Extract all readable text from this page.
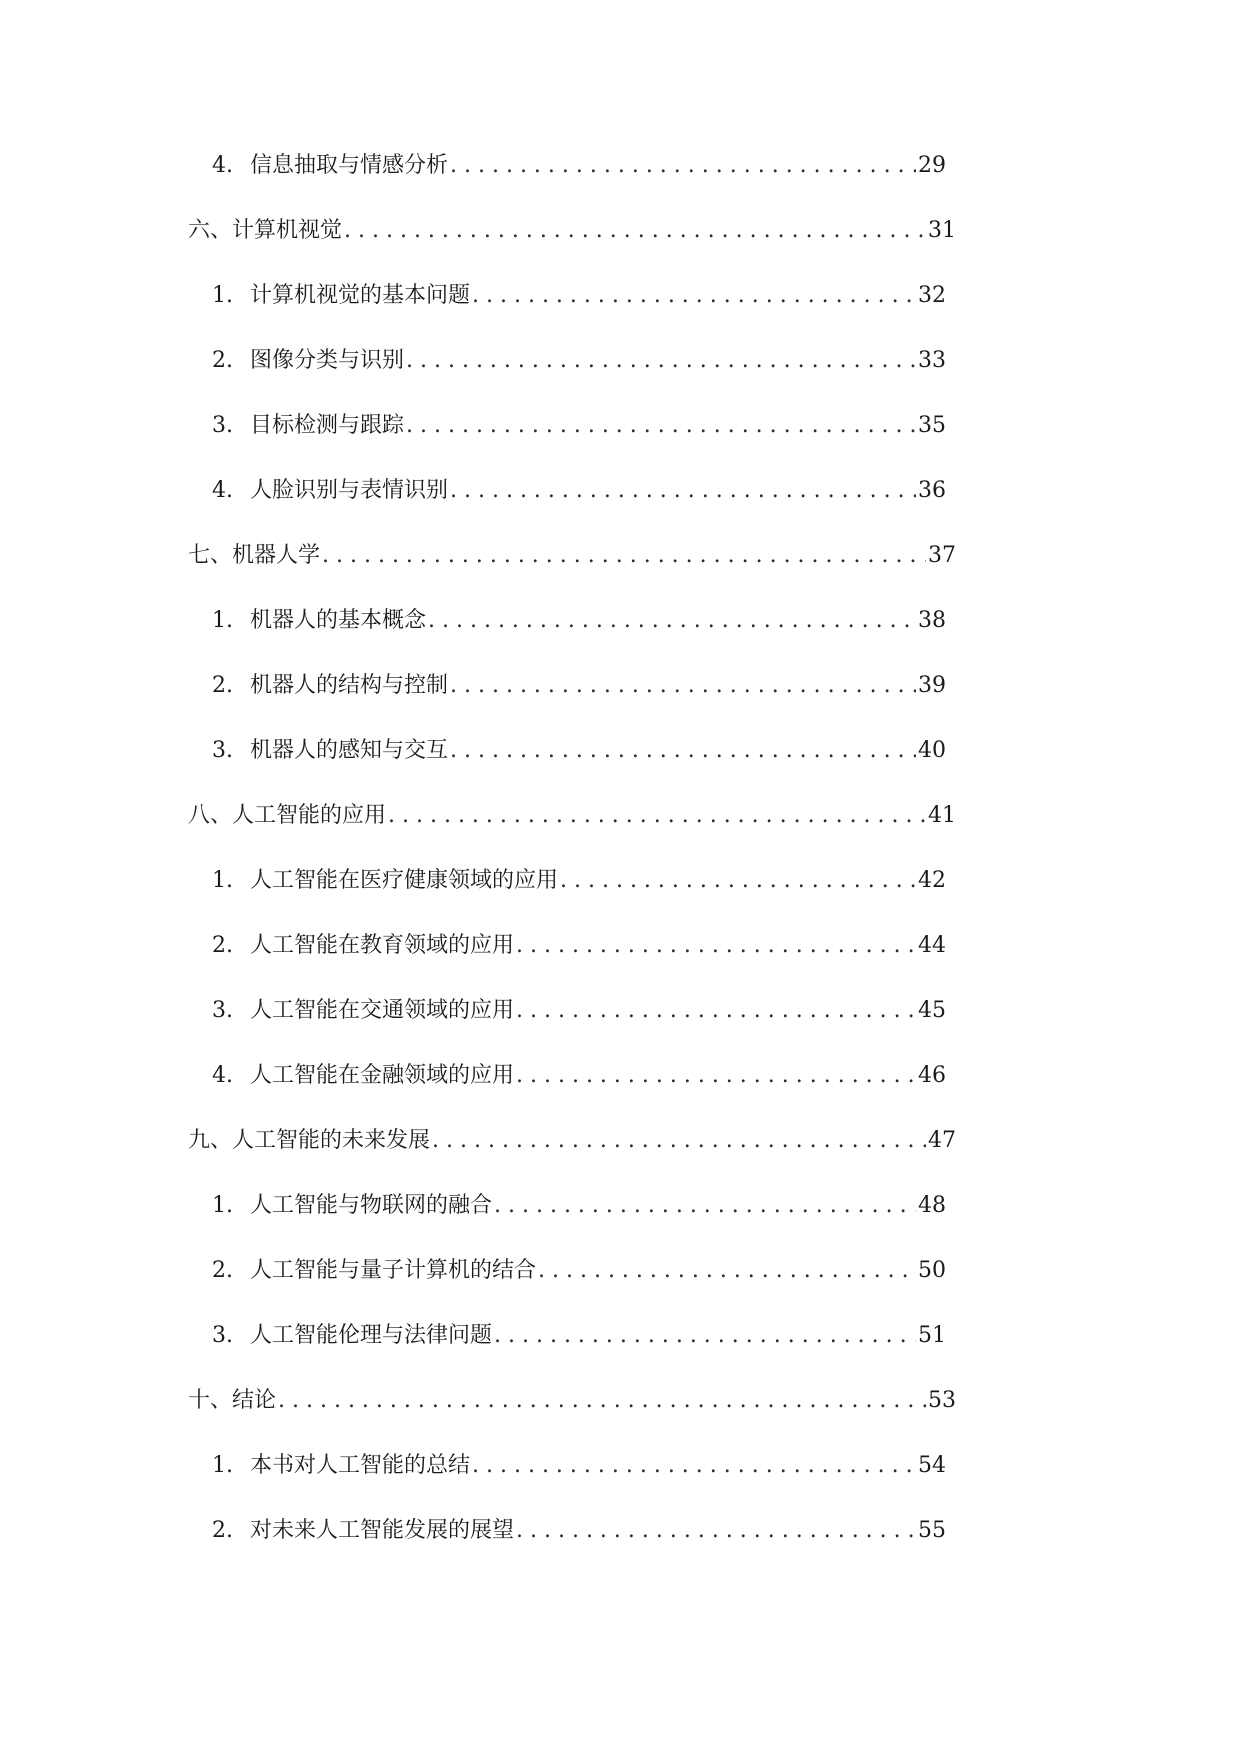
4. 信息抽取与情感分析 . . .	29
六、计算机视觉 . . .	31
1. 计算机视觉的基本问题 . . .	32
2. 图像分类与识别 . . .	33
3. 目标检测与跟踪 . . .	35
4. 人脸识别与表情识别 . . .	36
七、机器人学 . . .	37
1. 机器人的基本概念 . . .	38
2. 机器人的结构与控制 . . .	39
3. 机器人的感知与交互 . . .	40
八、人工智能的应用 . . .	41
1. 人工智能在医疗健康领域的应用 . . .	42
2. 人工智能在教育领域的应用 . . .	44
3. 人工智能在交通领域的应用 . . .	45
4. 人工智能在金融领域的应用 . . .	46
九、人工智能的未来发展 . . .	47
1. 人工智能与物联网的融合 . . .	48
2. 人工智能与量子计算机的结合 . . .	50
3. 人工智能伦理与法律问题 . . .	51
十、结论 . . .	53
1. 本书对人工智能的总结 . . .	54
2. 对未来人工智能发展的展望 . . .	55
